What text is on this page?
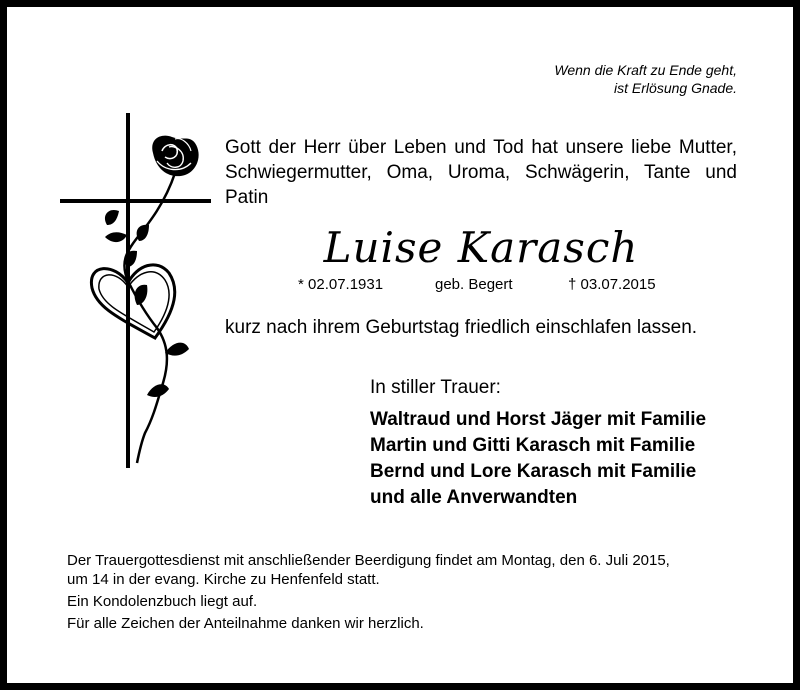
Wenn die Kraft zu Ende geht,
ist Erlösung Gnade.
Gott der Herr über Leben und Tod hat unsere liebe Mutter, Schwiegermutter, Oma, Uroma, Schwägerin, Tante und Patin
Luise Karasch
* 02.07.1931	geb. Begert	† 03.07.2015
kurz nach ihrem Geburtstag friedlich einschlafen lassen.
In stiller Trauer:
Waltraud und Horst Jäger mit Familie
Martin und Gitti Karasch mit Familie
Bernd und Lore Karasch mit Familie
und alle Anverwandten
Der Trauergottesdienst mit anschließender Beerdigung findet am Montag, den 6. Juli 2015,
um 14 in der evang. Kirche zu Henfenfeld statt.
Ein Kondolenzbuch liegt auf.
Für alle Zeichen der Anteilnahme danken wir herzlich.
